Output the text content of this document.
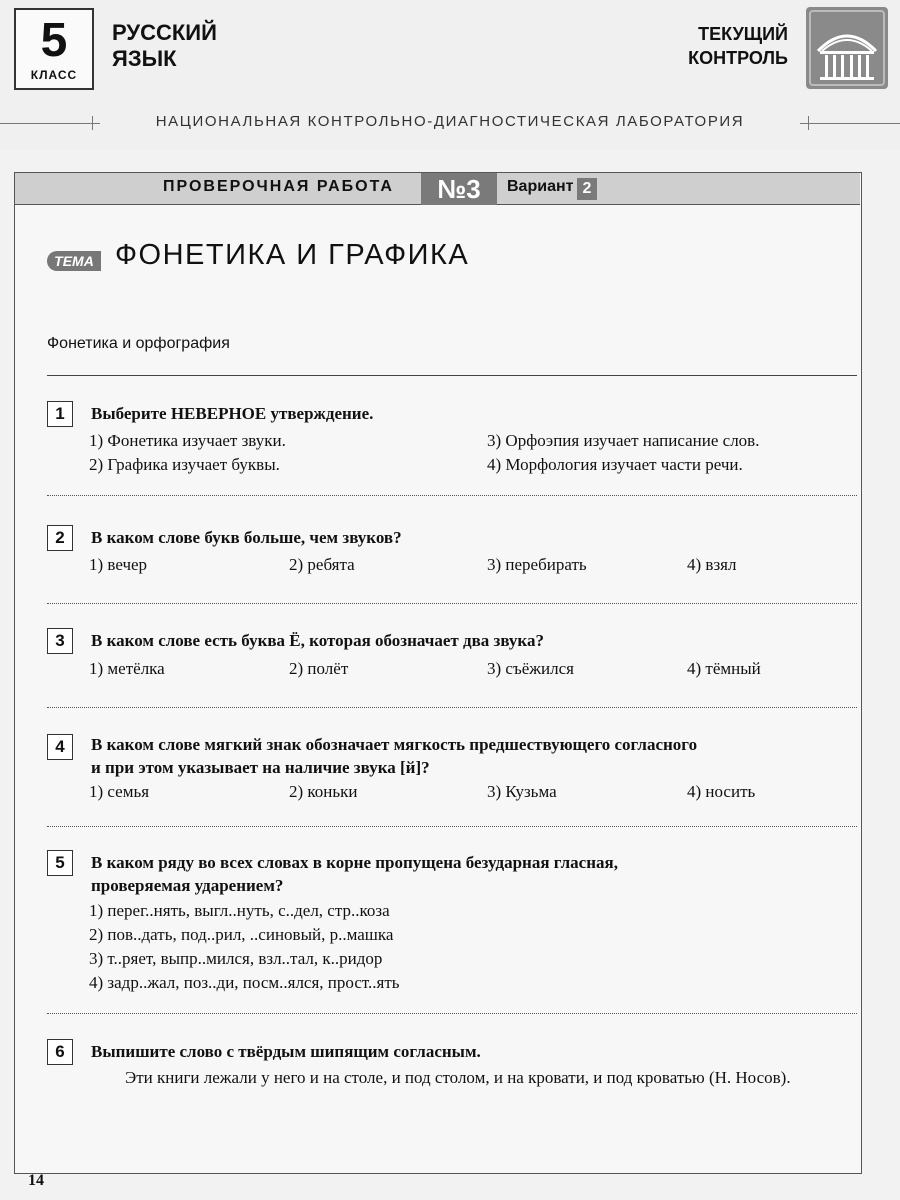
5
КЛАСС
РУССКИЙ
ЯЗЫК
ТЕКУЩИЙ
КОНТРОЛЬ
НАЦИОНАЛЬНАЯ КОНТРОЛЬНО-ДИАГНОСТИЧЕСКАЯ ЛАБОРАТОРИЯ
ПРОВЕРОЧНАЯ РАБОТА	№3	Вариант 2
ТЕМА ФОНЕТИКА И ГРАФИКА
Фонетика и орфография
1	Выберите НЕВЕРНОЕ утверждение.
1) Фонетика изучает звуки.
2) Графика изучает буквы.
3) Орфоэпия изучает написание слов.
4) Морфология изучает части речи.
2	В каком слове букв больше, чем звуков?
1) вечер	2) ребята	3) перебирать	4) взял
3	В каком слове есть буква Ё, которая обозначает два звука?
1) метёлка	2) полёт	3) съёжился	4) тёмный
4	В каком слове мягкий знак обозначает мягкость предшествующего согласного
и при этом указывает на наличие звука [й]?
1) семья	2) коньки	3) Кузьма	4) носить
5	В каком ряду во всех словах в корне пропущена безударная гласная,
проверяемая ударением?
1) перег..нять, выгл..нуть, с..дел, стр..коза
2) пов..дать, под..рил, ..синовый, р..машка
3) т..ряет, выпр..мился, взл..тал, к..ридор
4) задр..жал, поз..ди, посм..ялся, прост..ять
6	Выпишите слово с твёрдым шипящим согласным.
Эти книги лежали у него и на столе, и под столом, и на кровати, и под кроватью (Н. Носов).
14
